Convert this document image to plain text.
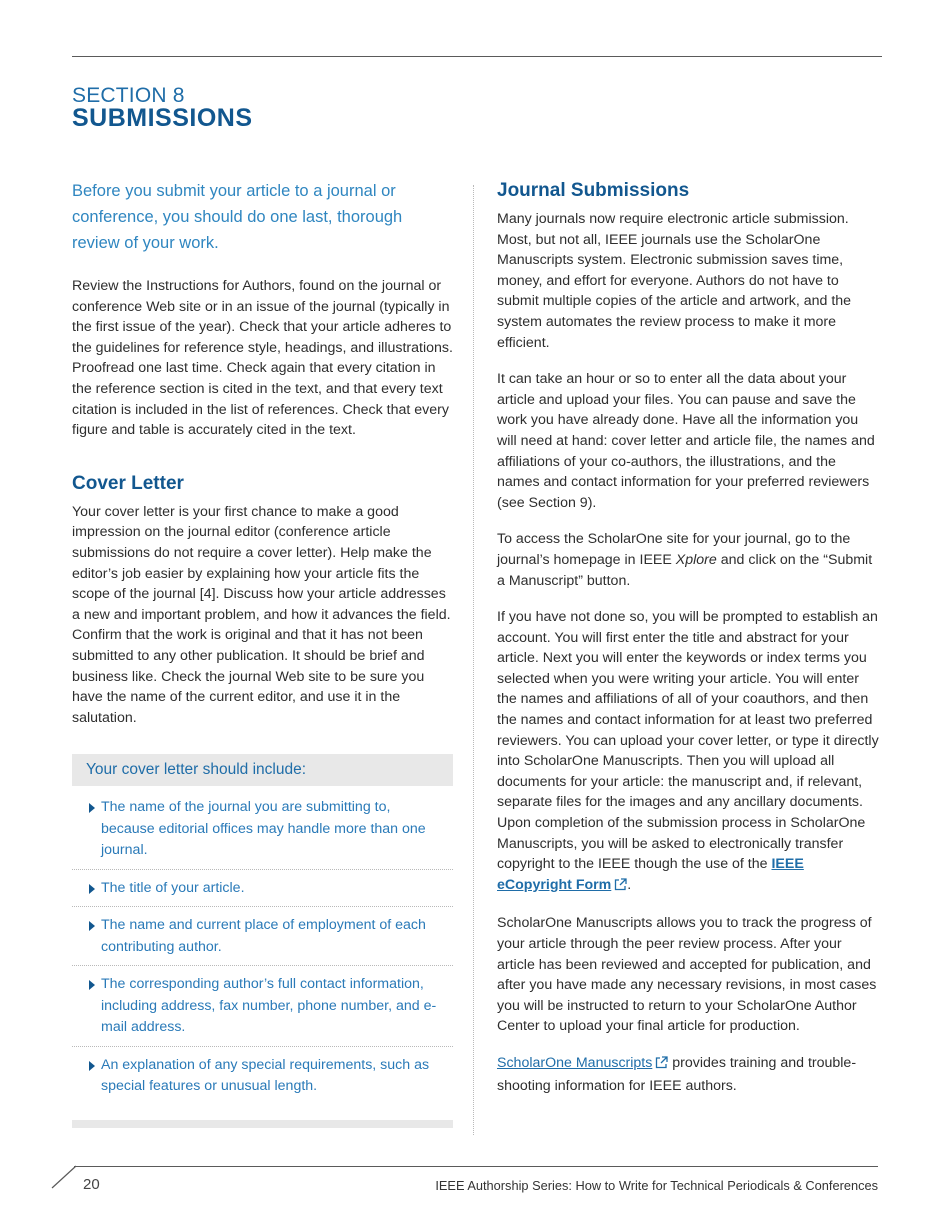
SECTION 8
SUBMISSIONS

Before you submit your article to a journal or conference, you should do one last, thorough review of your work.

Review the Instructions for Authors, found on the journal or conference Web site or in an issue of the journal (typically in the first issue of the year). Check that your article adheres to the guidelines for reference style, headings, and illustrations. Proofread one last time. Check again that every citation in the reference section is cited in the text, and that every text citation is included in the list of references. Check that every figure and table is accurately cited in the text.

Cover Letter

Your cover letter is your first chance to make a good impression on the journal editor (conference article submissions do not require a cover letter). Help make the editor’s job easier by explaining how your article fits the scope of the journal [4]. Discuss how your article addresses a new and important problem, and how it advances the field. Confirm that the work is original and that it has not been submitted to any other publication. It should be brief and business like. Check the journal Web site to be sure you have the name of the current editor, and use it in the salutation.

Your cover letter should include:
The name of the journal you are submitting to, because editorial offices may handle more than one journal.
The title of your article.
The name and current place of employment of each contributing author.
The corresponding author’s full contact information, including address, fax number, phone number, and e-mail address.
An explanation of any special requirements, such as special features or unusual length.
Journal Submissions

Many journals now require electronic article submission. Most, but not all, IEEE journals use the ScholarOne Manuscripts system. Electronic submission saves time, money, and effort for everyone. Authors do not have to submit multiple copies of the article and artwork, and the system automates the review process to make it more efficient.

It can take an hour or so to enter all the data about your article and upload your files. You can pause and save the work you have already done. Have all the information you will need at hand: cover letter and article file, the names and affiliations of your co-authors, the illustrations, and the names and contact information for your preferred reviewers (see Section 9).

To access the ScholarOne site for your journal, go to the journal’s homepage in IEEE Xplore and click on the “Submit a Manuscript” button.

If you have not done so, you will be prompted to establish an account. You will first enter the title and abstract for your article. Next you will enter the keywords or index terms you selected when you were writing your article. You will enter the names and affiliations of all of your coauthors, and then the names and contact information for at least two preferred reviewers. You can upload your cover letter, or type it directly into ScholarOne Manuscripts. Then you will upload all documents for your article: the manuscript and, if relevant, separate files for the images and any ancillary documents. Upon completion of the submission process in ScholarOne Manuscripts, you will be asked to electronically transfer copyright to the IEEE though the use of the IEEE eCopyright Form .

ScholarOne Manuscripts allows you to track the progress of your article through the peer review process. After your article has been reviewed and accepted for publication, and after you have made any necessary revisions, in most cases you will be instructed to return to your ScholarOne Author Center to upload your final article for production.

ScholarOne Manuscripts provides training and trouble-shooting information for IEEE authors.

20	IEEE Authorship Series: How to Write for Technical Periodicals & Conferences
